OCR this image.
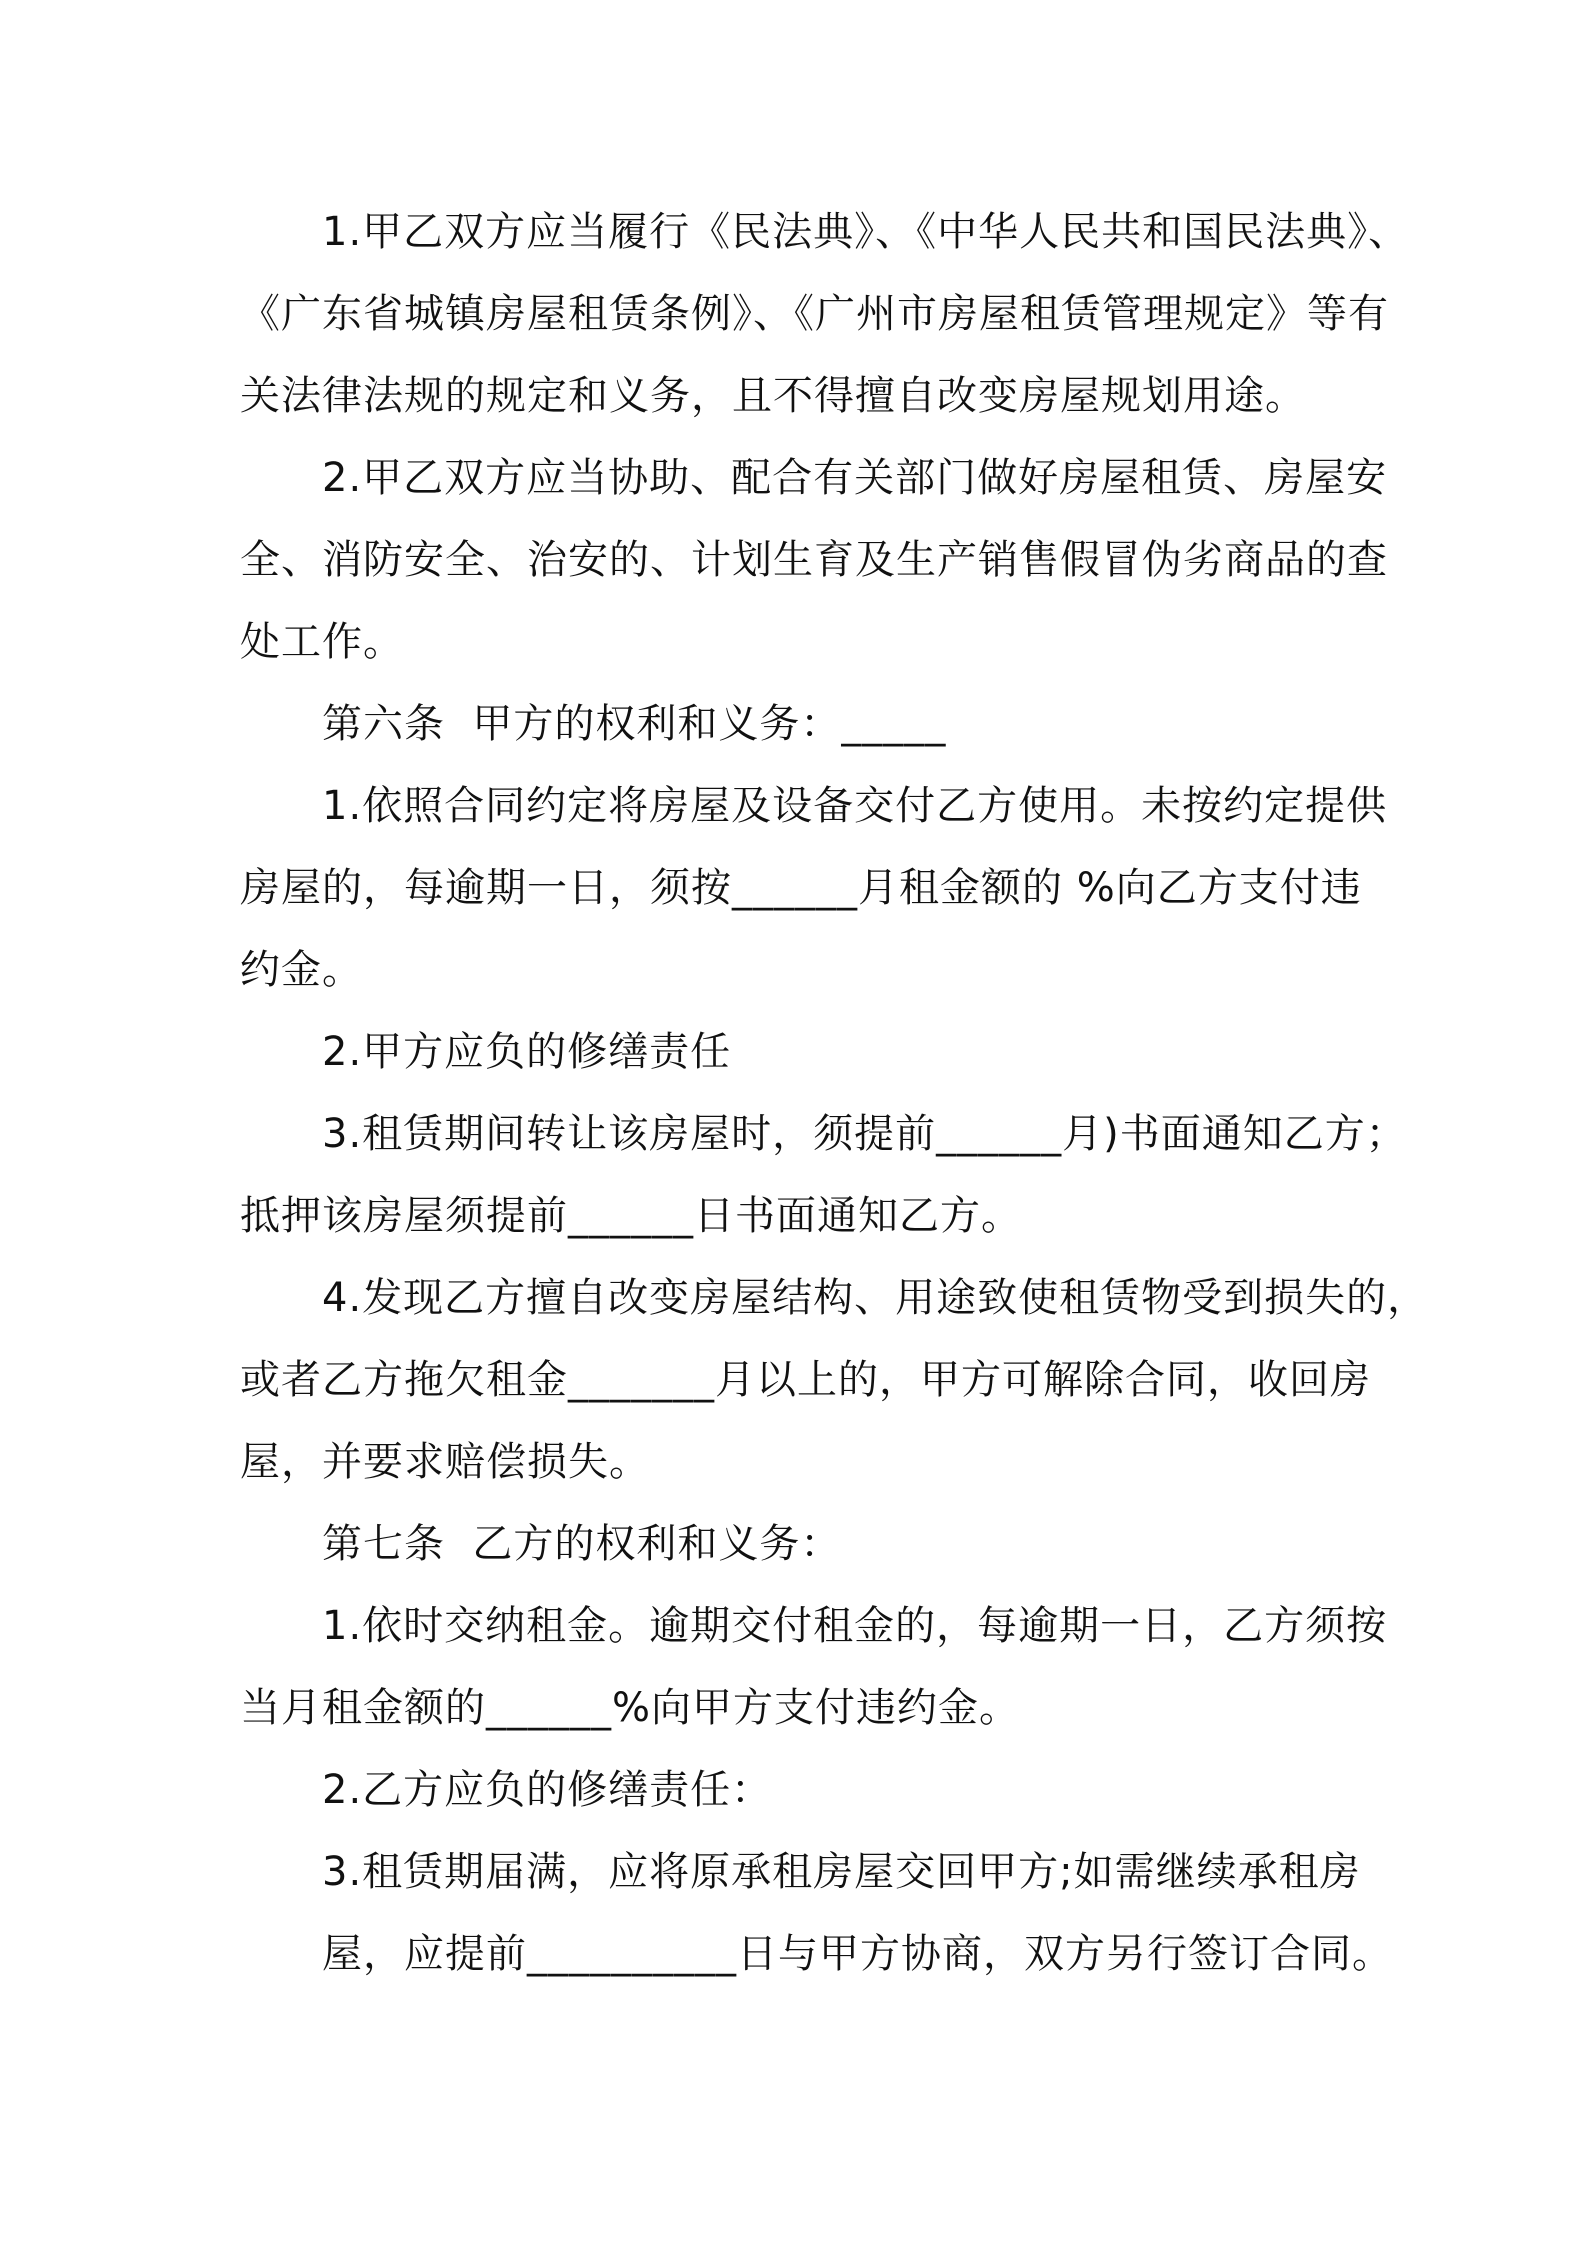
1.甲乙双方应当履行《民法典》、《中华人民共和国民法典》、
《广东省城镇房屋租赁条例》、《广州市房屋租赁管理规定》等有
关法律法规的规定和义务，且不得擅自改变房屋规划用途。
2.甲乙双方应当协助、配合有关部门做好房屋租赁、房屋安
全、消防安全、治安的、计划生育及生产销售假冒伪劣商品的查
处工作。
第六条  甲方的权利和义务：_____
1.依照合同约定将房屋及设备交付乙方使用。未按约定提供
房屋的，每逾期一日，须按______月租金额的 %向乙方支付违
约金。
2.甲方应负的修缮责任
3.租赁期间转让该房屋时，须提前______月)书面通知乙方；
抵押该房屋须提前______日书面通知乙方。
4.发现乙方擅自改变房屋结构、用途致使租赁物受到损失的，
或者乙方拖欠租金_______月以上的，甲方可解除合同，收回房
屋，并要求赔偿损失。
第七条  乙方的权利和义务：
1.依时交纳租金。逾期交付租金的，每逾期一日，乙方须按
当月租金额的______%向甲方支付违约金。
2.乙方应负的修缮责任：
3.租赁期届满，应将原承租房屋交回甲方;如需继续承租房
屋，应提前__________日与甲方协商，双方另行签订合同。
